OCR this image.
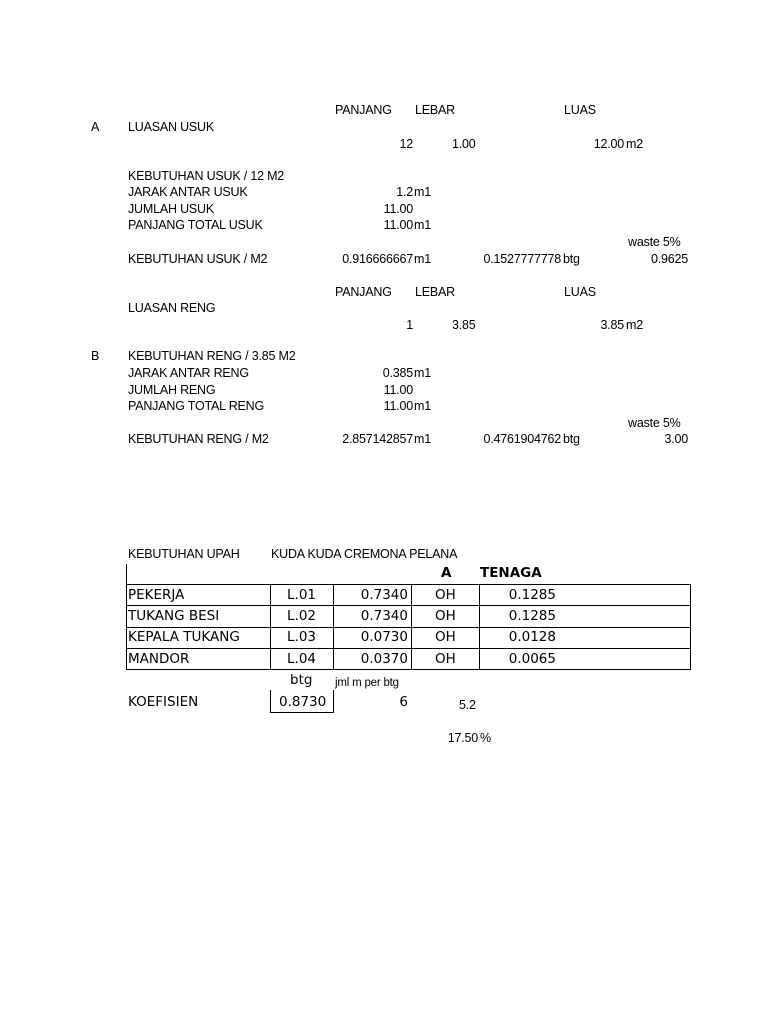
PANJANG LEBAR	LUAS
A LUASAN USUK
12	1.00	12.00 m2
KEBUTUHAN USUK / 12 M2
JARAK ANTAR USUK	1.2 m1
JUMLAH USUK	11.00
PANJANG TOTAL USUK	11.00 m1
waste 5%
KEBUTUHAN USUK / M2	0.916666667 m1	0.1527777778 btg	0.9625
PANJANG LEBAR	LUAS
LUASAN RENG
1	3.85	3.85 m2
B KEBUTUHAN RENG / 3.85 M2
JARAK ANTAR RENG	0.385 m1
JUMLAH RENG	11.00
PANJANG TOTAL RENG	11.00 m1
waste 5%
KEBUTUHAN RENG / M2	2.857142857 m1	0.4761904762 btg	3.00
KEBUTUHAN UPAH	KUDA KUDA CREMONA PELANA
A TENAGA
PEKERJA	L.01	0.7340 OH	0.1285
TUKANG BESI	L.02	0.7340 OH	0.1285
KEPALA TUKANG	L.03	0.0730 OH	0.0128
MANDOR	L.04	0.0370 OH	0.0065
btg jml m per btg
KOEFISIEN	0.8730	6	5.2
17.50 %
